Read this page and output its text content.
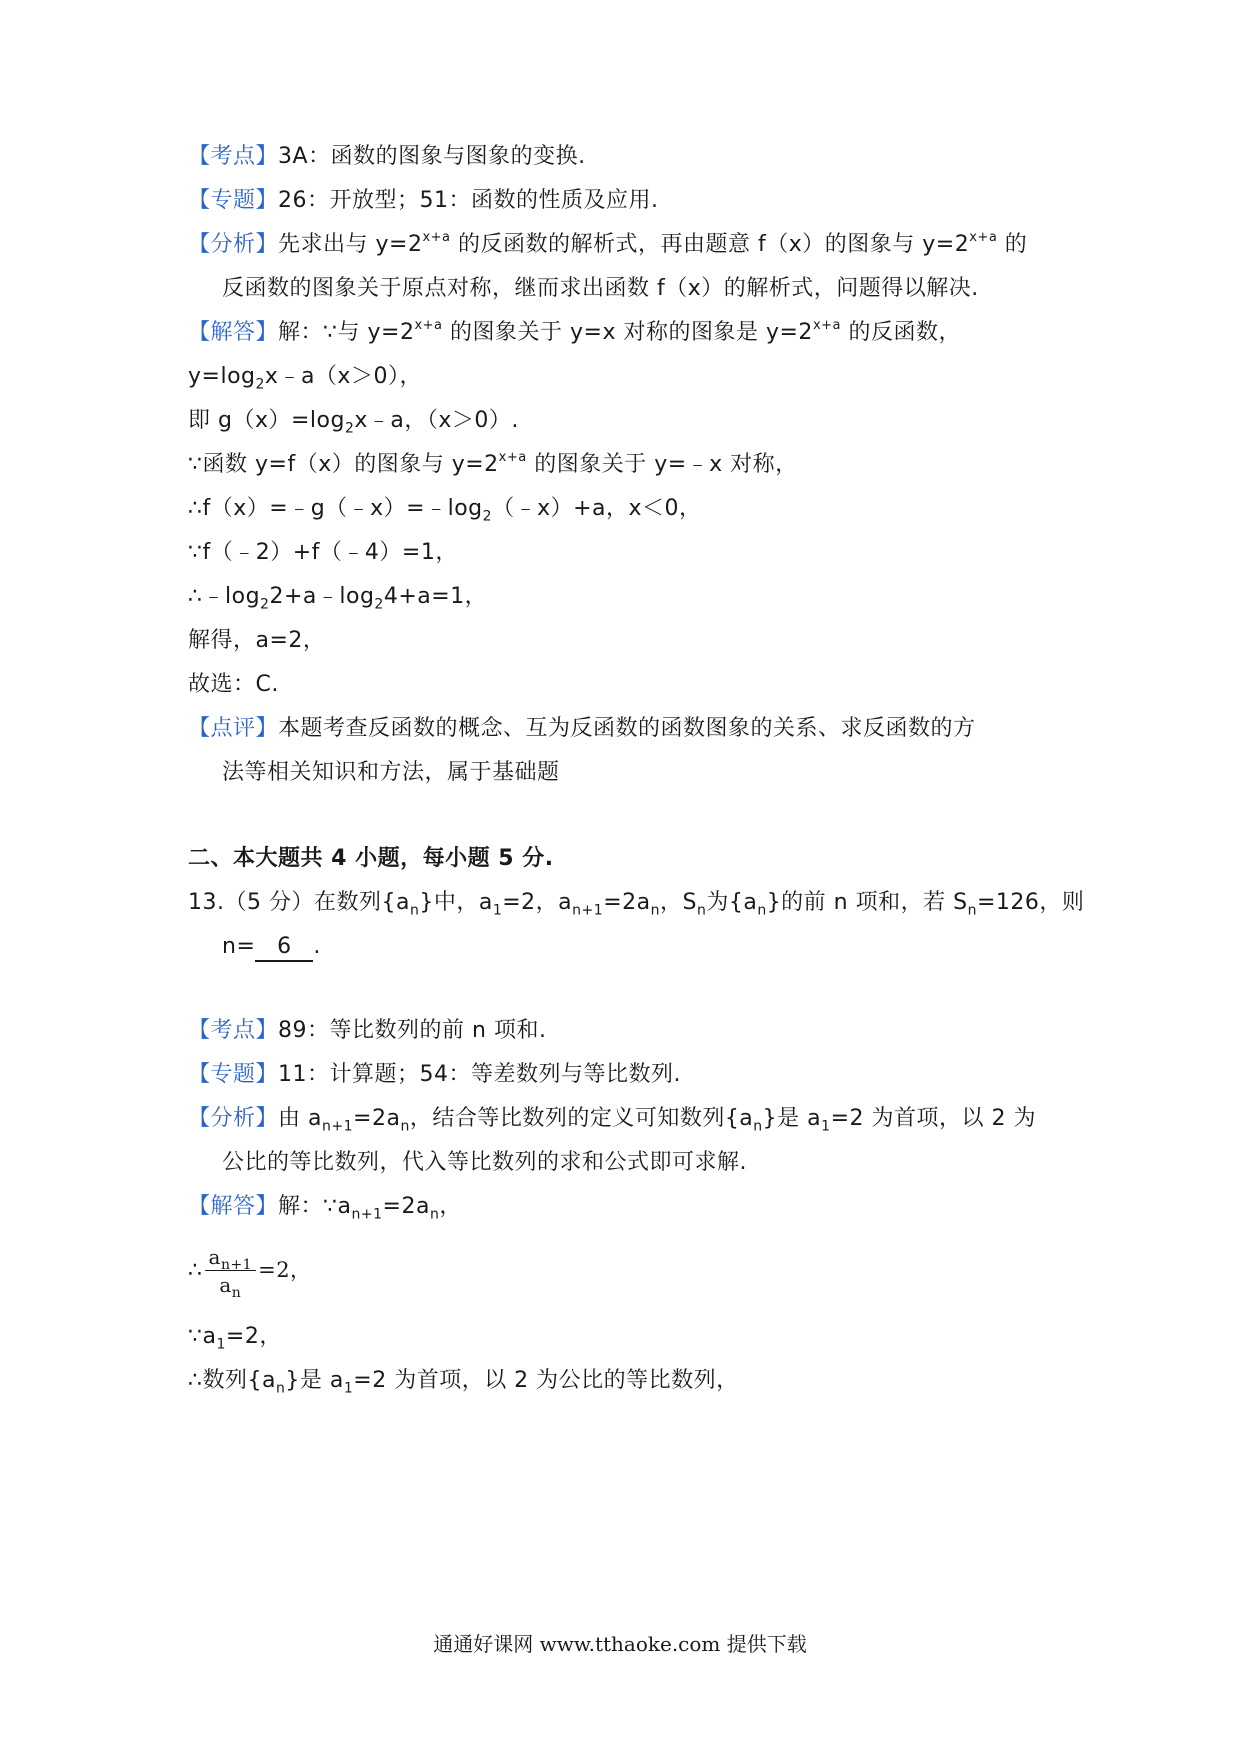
【考点】3A：函数的图象与图象的变换.
【专题】26：开放型；51：函数的性质及应用.
【分析】先求出与 $y=2^{x+a}$ 的反函数的解析式，再由题意 f（x）的图象与 $y=2^{x+a}$ 的
反函数的图象关于原点对称，继而求出函数 f（x）的解析式，问题得以解决.
【解答】解：∵与 $y=2^{x+a}$ 的图象关于 y=x 对称的图象是 $y=2^{x+a}$ 的反函数，
$y=\log_2x﹣a(x>0)$，
即 $g(x)=\log_2x﹣a$，（x＞0）.
∵函数 y=f（x）的图象与 $y=2^{x+a}$ 的图象关于 y=﹣x 对称，
$\therefore f(x)=﹣g(﹣x)=﹣\log_2(﹣x)+a$，x＜0，
∵f（﹣2）+f（﹣4）=1，
$\therefore﹣\log_22+a﹣\log_24+a=1$，
解得，a=2，
故选：C.
【点评】本题考查反函数的概念、互为反函数的函数图象的关系、求反函数的方
法等相关知识和方法，属于基础题
二、本大题共 4 小题，每小题 5 分.
13.（5 分）在数列$\{a_n\}$中，$a_1=2$，$a_{n+1}=2a_n$，$S_n$为$\{a_n\}$的前 n 项和，若 $S_n=126$，则
n= 6 .
【考点】89：等比数列的前 n 项和.
【专题】11：计算题；54：等差数列与等比数列.
【分析】由 $a_{n+1}=2a_n$，结合等比数列的定义可知数列$\{a_n\}$是 $a_1=2$ 为首项，以 2 为
公比的等比数列，代入等比数列的求和公式即可求解.
【解答】解：$\because a_{n+1}=2a_n$，
∴ $\frac{a_{n+1}}{a_n} =2$，
$\because a_1=2$，
∴数列$\{a_n\}$是 $a_1=2$ 为首项，以 2 为公比的等比数列，
通通好课网 www.tthaoke.com 提供下载
